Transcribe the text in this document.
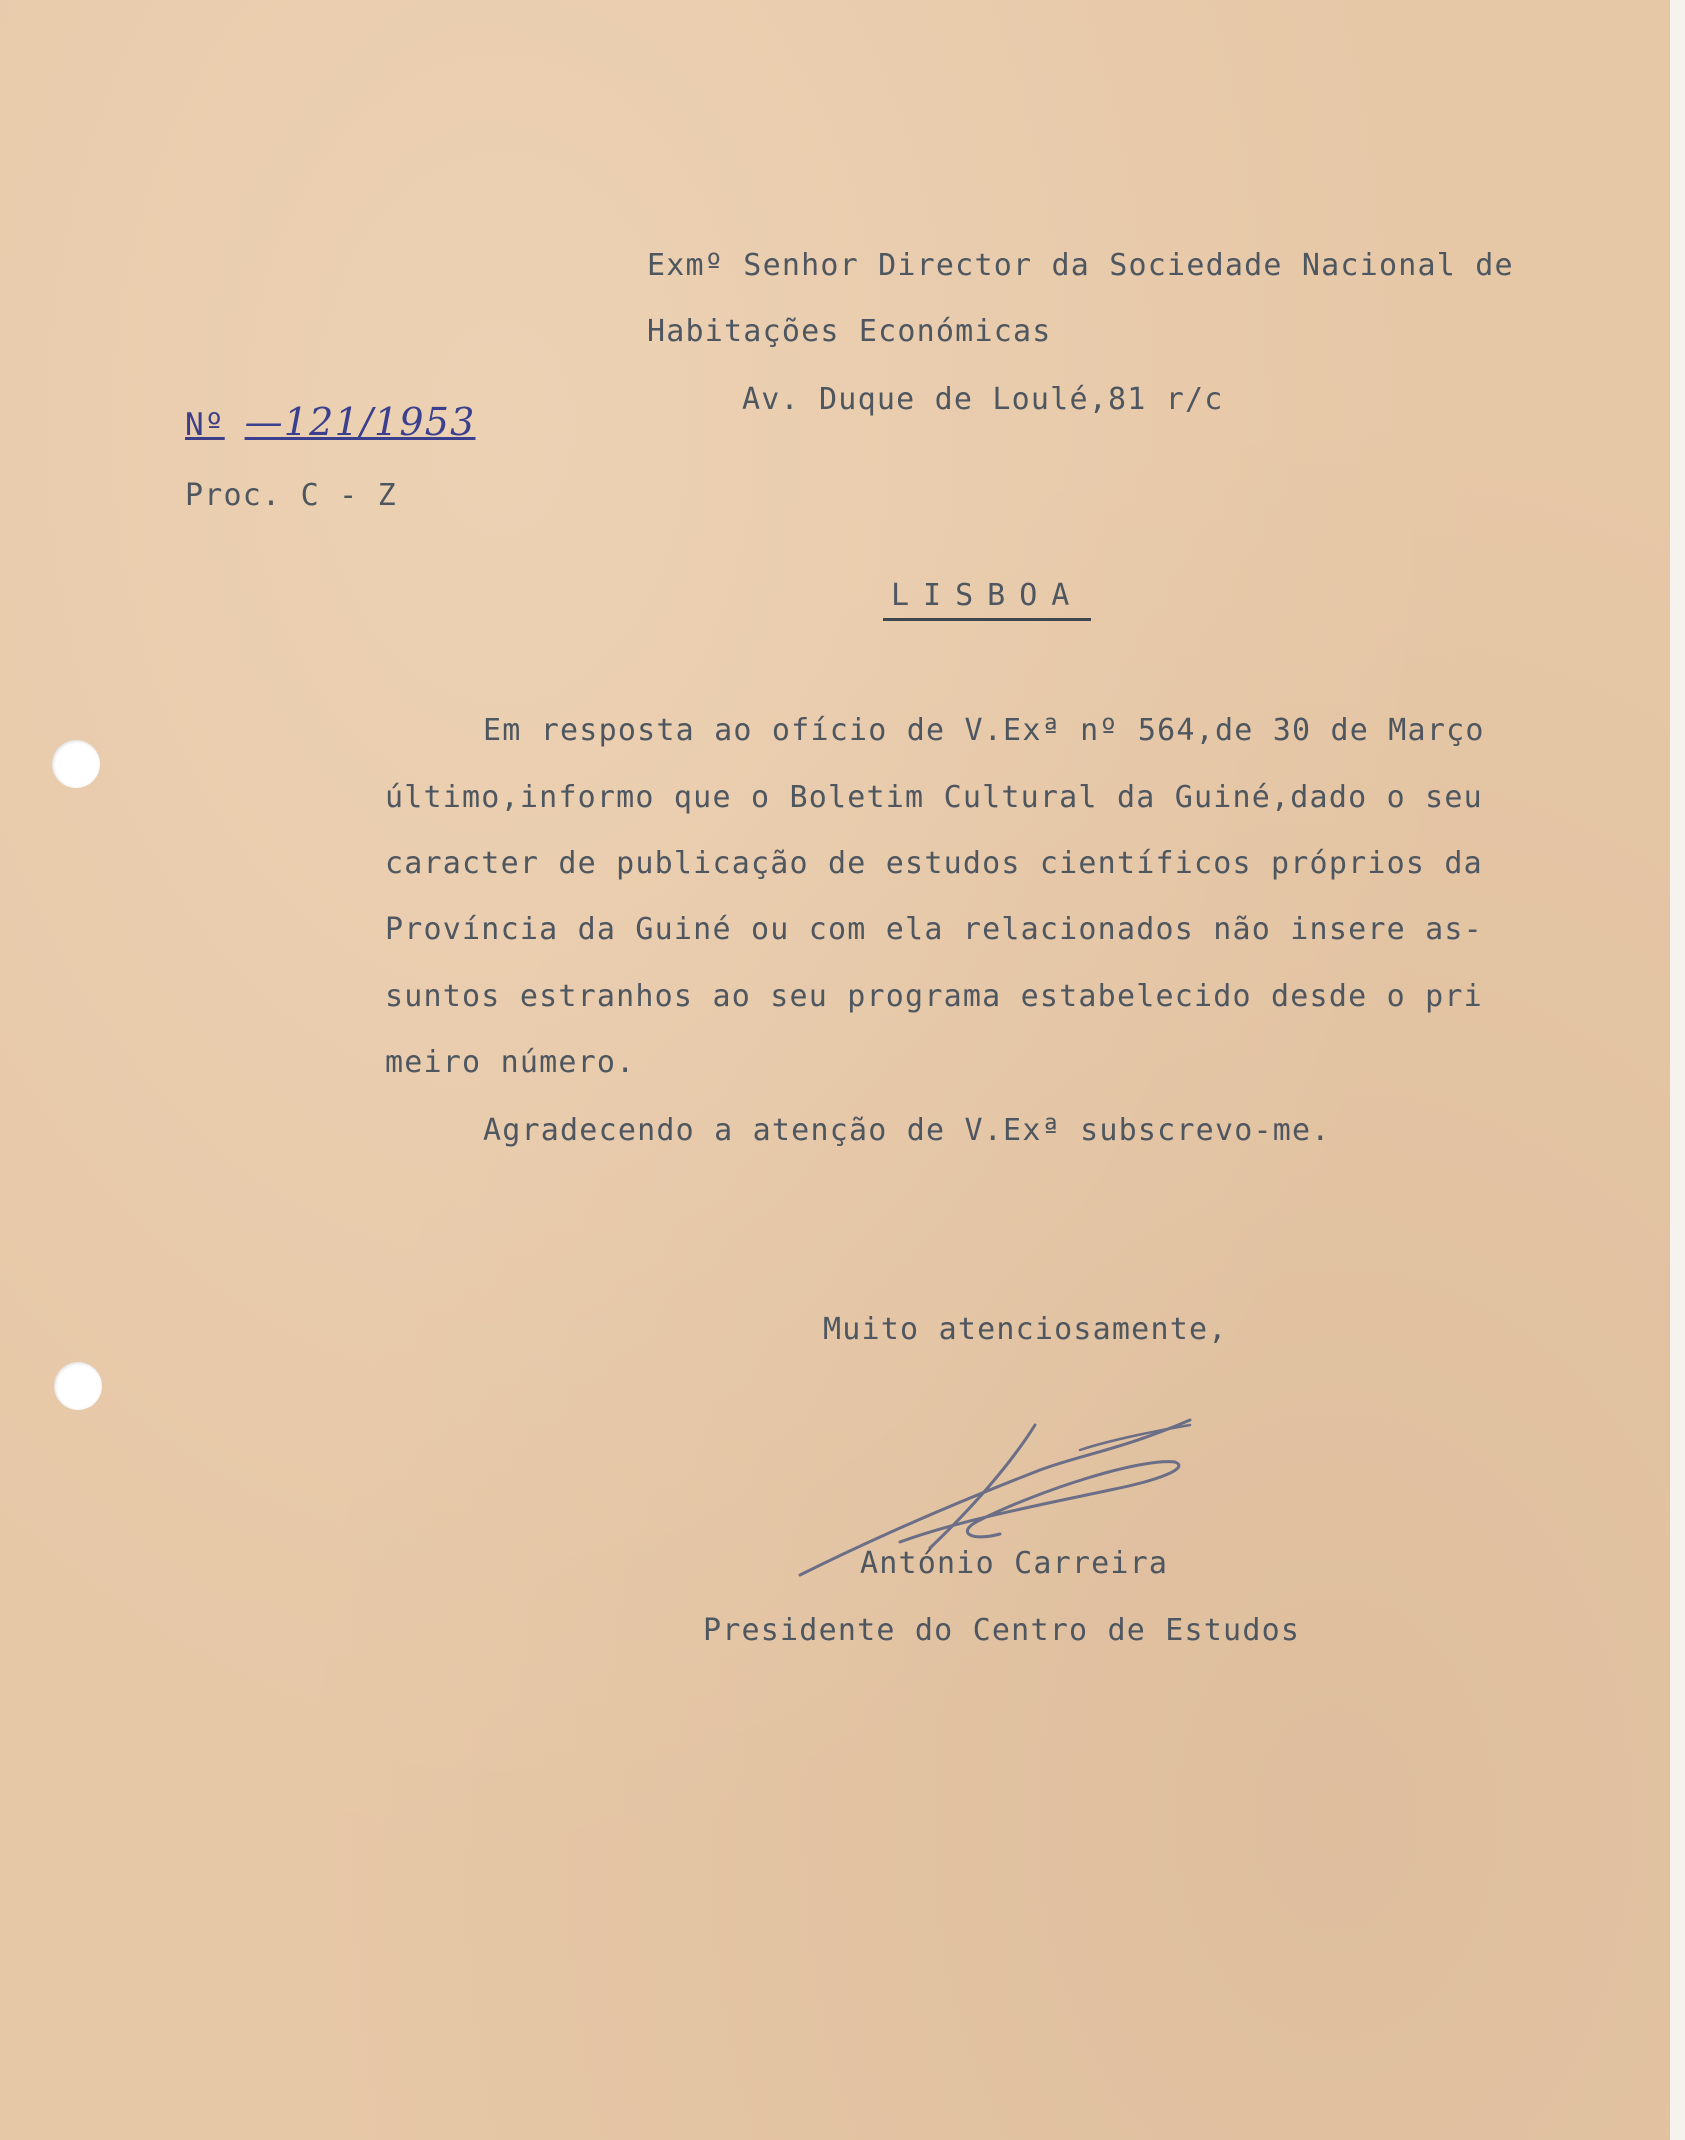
Exmº Senhor Director da Sociedade Nacional de
Habitações Económicas
Av. Duque de Loulé,81 r/c
Nº —121/1953
Proc. C - Z
LISBOA
Em resposta ao ofício de V.Exª nº 564,de 30 de Março
último,informo que o Boletim Cultural da Guiné,dado o seu
caracter de publicação de estudos científicos próprios da
Província da Guiné ou com ela relacionados não insere as-
suntos estranhos ao seu programa estabelecido desde o pri
meiro número.
Agradecendo a atenção de V.Exª subscrevo-me.
Muito atenciosamente,
António Carreira
Presidente do Centro de Estudos
